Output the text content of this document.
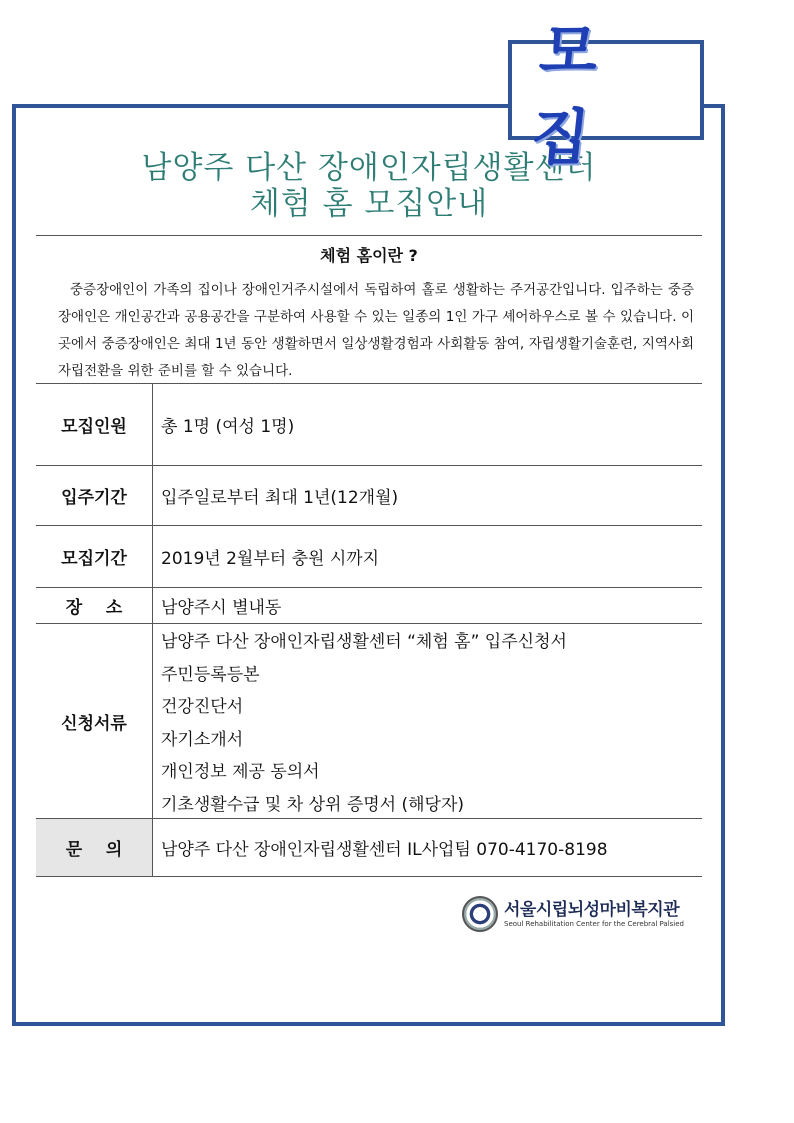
모 집
남양주 다산 장애인자립생활센터
체험 홈 모집안내
체험 홈이란 ?

중증장애인이 가족의 집이나 장애인거주시설에서 독립하여 홀로 생활하는 주거공간입니다. 입주하는 중증장애인은 개인공간과 공용공간을 구분하여 사용할 수 있는 일종의 1인 가구 셰어하우스로 볼 수 있습니다. 이곳에서 중증장애인은 최대 1년 동안 생활하면서 일상생활경험과 사회활동 참여, 자립생활기술훈련, 지역사회 자립전환을 위한 준비를 할 수 있습니다.

모집인원	총 1명 (여성 1명)
입주기간	입주일로부터 최대 1년(12개월)
모집기간	2019년 2월부터 충원 시까지
장    소	남양주시 별내동
신청서류
남양주 다산 장애인자립생활센터 “체험 홈” 입주신청서
주민등록등본
건강진단서
자기소개서
개인정보 제공 동의서
기초생활수급 및 차 상위 증명서 (해당자)
문    의	남양주 다산 장애인자립생활센터 IL사업팀 070-4170-8198
서울시립뇌성마비복지관
Seoul Rehabilitation Center for the Cerebral Palsied
